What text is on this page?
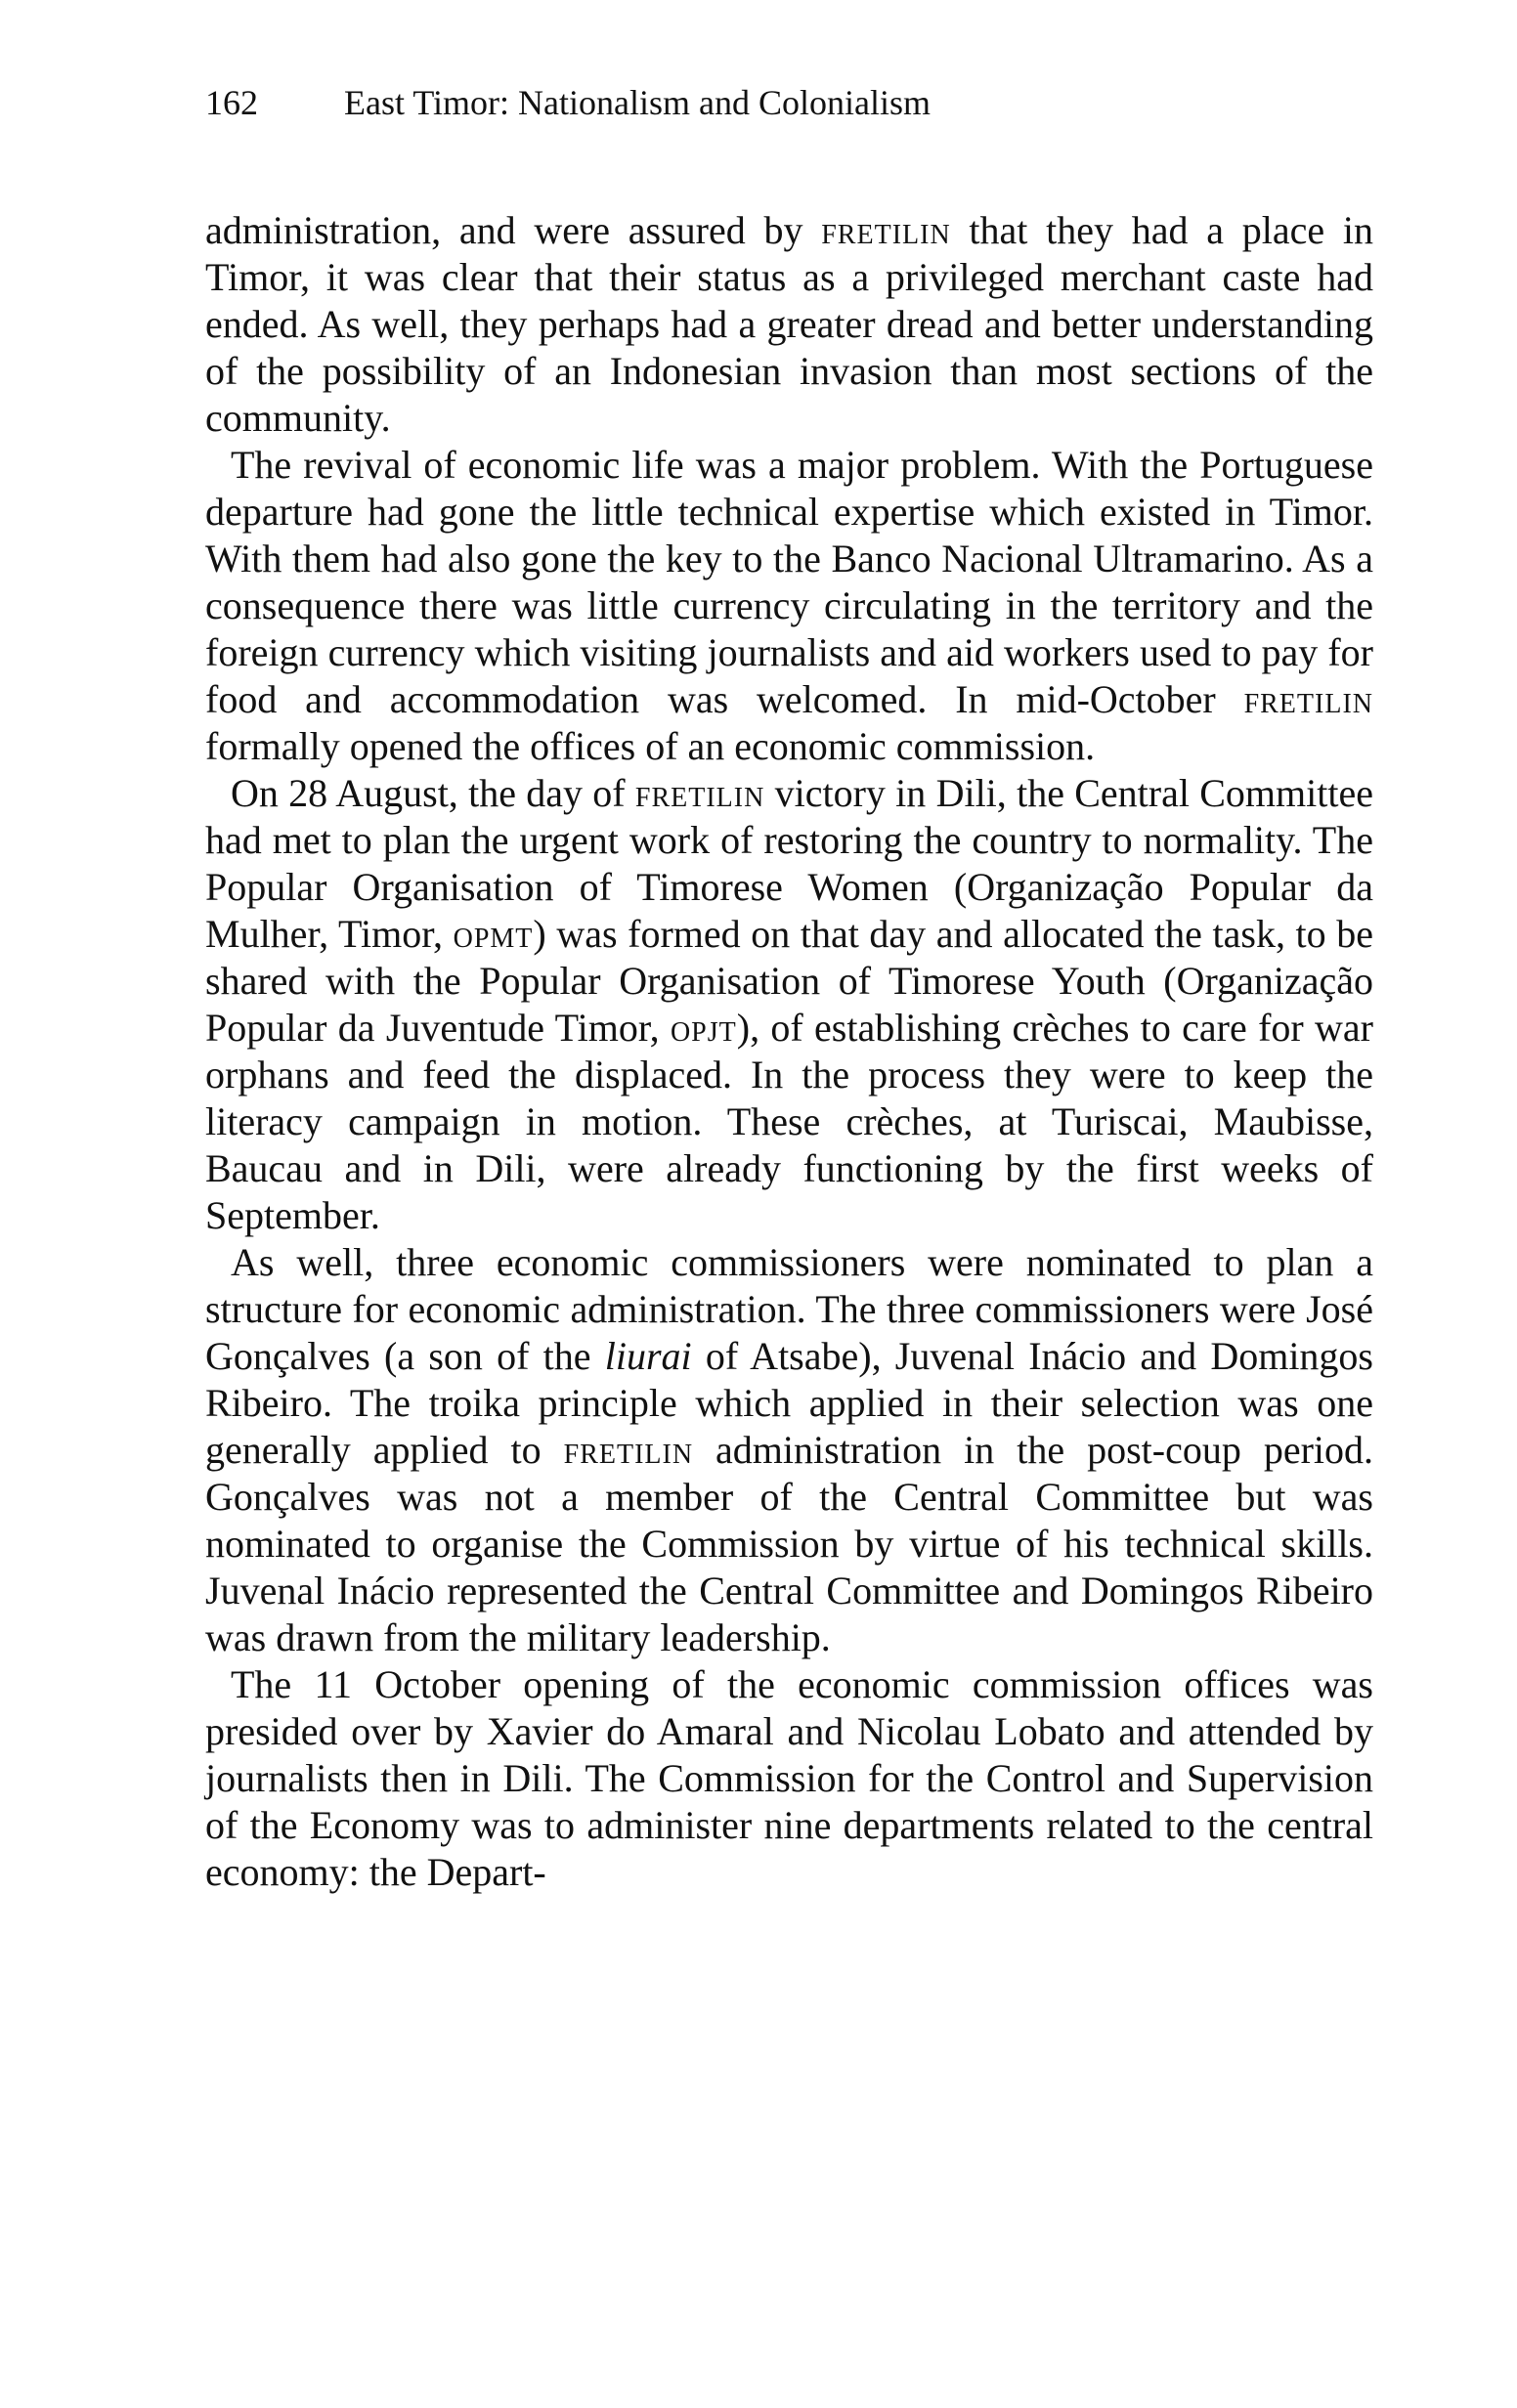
162 East Timor: Nationalism and Colonialism

administration, and were assured by fretilin that they had a place in Timor, it was clear that their status as a privileged merchant caste had ended. As well, they perhaps had a greater dread and better understanding of the possibility of an Indonesian invasion than most sections of the community.

The revival of economic life was a major problem. With the Portuguese departure had gone the little technical expertise which existed in Timor. With them had also gone the key to the Banco Nacional Ultramarino. As a consequence there was little currency circulating in the territory and the foreign currency which visiting journalists and aid workers used to pay for food and accommodation was welcomed. In mid-October fretilin formally opened the offices of an economic commission.

On 28 August, the day of fretilin victory in Dili, the Central Committee had met to plan the urgent work of restoring the country to normality. The Popular Organisation of Timorese Women (Organização Popular da Mulher, Timor, opmt) was formed on that day and allocated the task, to be shared with the Popular Organisation of Timorese Youth (Organização Popular da Juventude Timor, opjt), of establishing crèches to care for war orphans and feed the displaced. In the process they were to keep the literacy campaign in motion. These crèches, at Turiscai, Maubisse, Baucau and in Dili, were already functioning by the first weeks of September.

As well, three economic commissioners were nominated to plan a structure for economic administration. The three commissioners were José Gonçalves (a son of the liurai of Atsabe), Juvenal Inácio and Domingos Ribeiro. The troika principle which applied in their selection was one generally applied to fretilin administration in the post-coup period. Gonçalves was not a member of the Central Committee but was nominated to organise the Commission by virtue of his technical skills. Juvenal Inácio represented the Central Committee and Domingos Ribeiro was drawn from the military leadership.

The 11 October opening of the economic commission offices was presided over by Xavier do Amaral and Nicolau Lobato and attended by journalists then in Dili. The Commission for the Control and Supervision of the Economy was to administer nine departments related to the central economy: the Depart-
